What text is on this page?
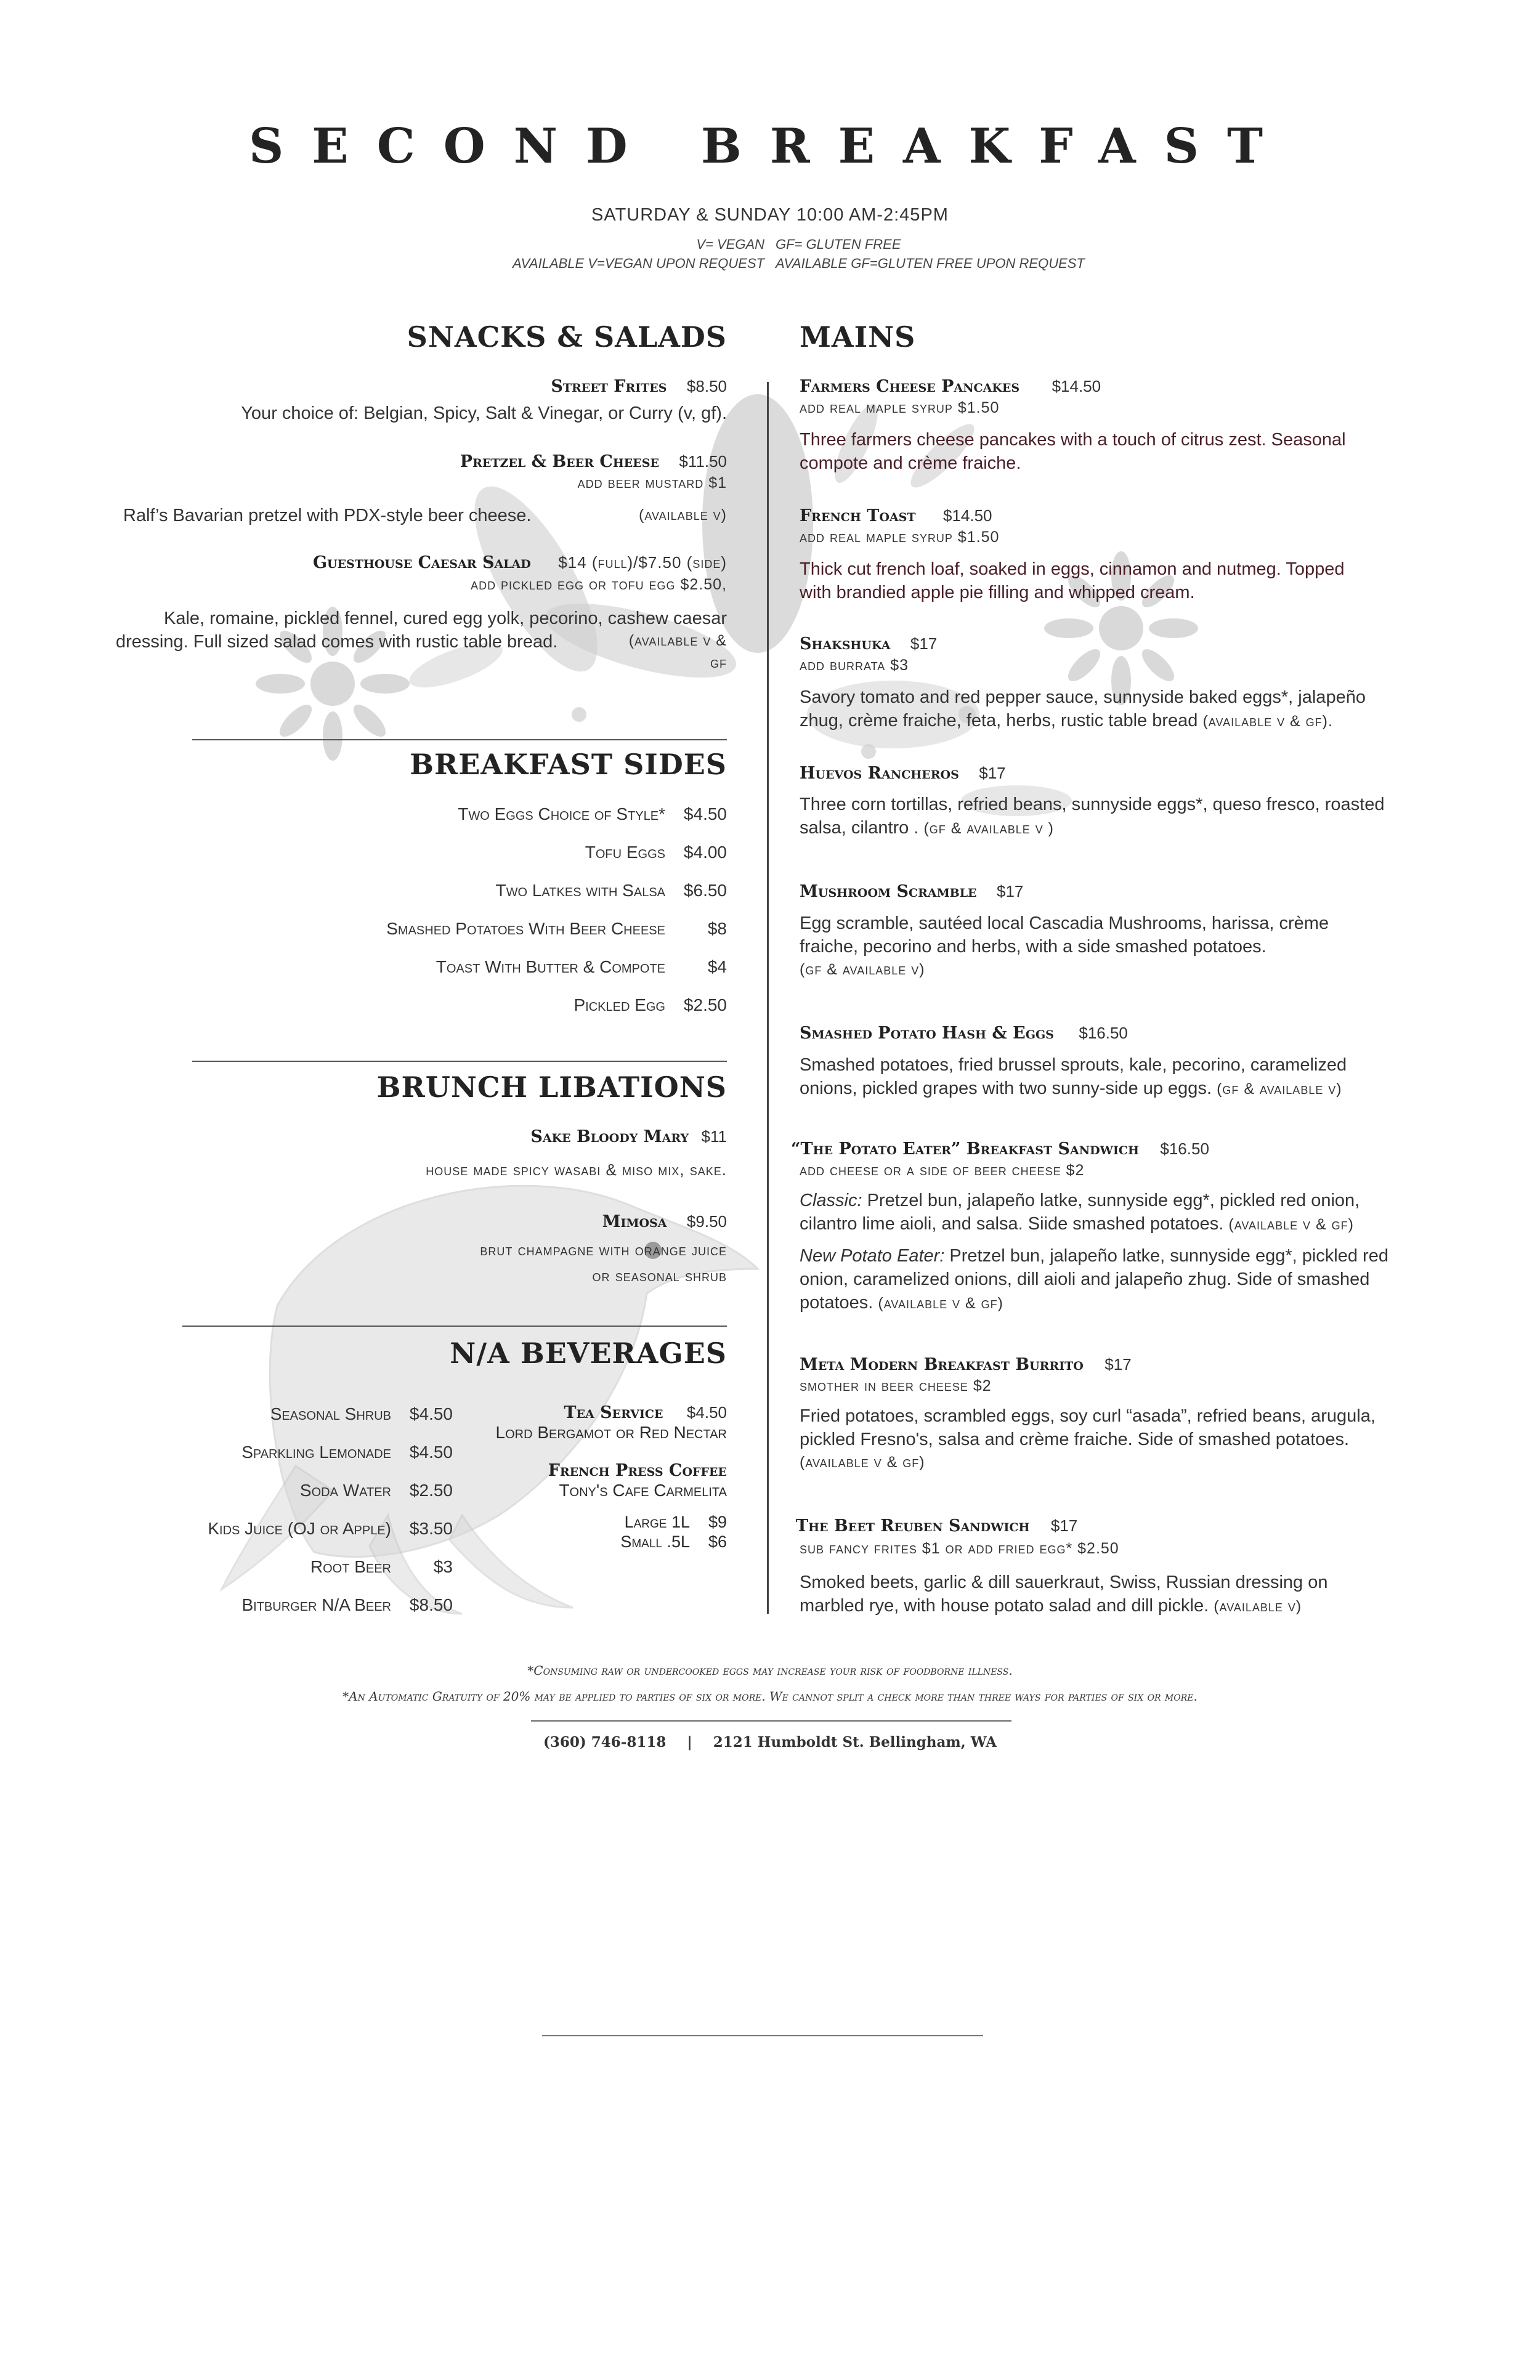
SECOND BREAKFAST
SATURDAY & SUNDAY 10:00 AM-2:45PM
V= VEGAN GF= GLUTEN FREE
AVAILABLE V=VEGAN UPON REQUEST AVAILABLE GF=GLUTEN FREE UPON REQUEST
SNACKS & SALADS
Street Frites $8.50
Your choice of: Belgian, Spicy, Salt & Vinegar, or Curry (v, gf).
Pretzel & Beer Cheese $11.50
add beer mustard $1
Ralf’s Bavarian pretzel with PDX-style beer cheese.	(available v)
Guesthouse Caesar Salad $14 (full)/$7.50 (side)
add pickled egg or tofu egg $2.50,
Kale, romaine, pickled fennel, cured egg yolk, pecorino, cashew caesar
dressing. Full sized salad comes with rustic table bread.	(available v &
gf
BREAKFAST SIDES
Two Eggs Choice of Style* $4.50
Tofu Eggs $4.00
Two Latkes with Salsa $6.50
Smashed Potatoes With Beer Cheese $8
Toast With Butter & Compote $4
Pickled Egg $2.50
BRUNCH LIBATIONS
Sake Bloody Mary $11
house made spicy wasabi & miso mix, sake.
Mimosa $9.50
brut champagne with orange juice
or seasonal shrub
N/A BEVERAGES
Seasonal Shrub $4.50
Sparkling Lemonade $4.50
Soda Water $2.50
Kids Juice (OJ or Apple) $3.50
Root Beer $3
Bitburger N/A Beer $8.50
Tea Service $4.50
Lord Bergamot or Red Nectar
French Press Coffee
Tony's Cafe Carmelita
Large 1L $9
Small .5L $6
MAINS
Farmers Cheese Pancakes $14.50
add real maple syrup $1.50
Three farmers cheese pancakes with a touch of citrus zest. Seasonal
compote and crème fraiche.
French Toast $14.50
add real maple syrup $1.50
Thick cut french loaf, soaked in eggs, cinnamon and nutmeg. Topped
with brandied apple pie filling and whipped cream.
Shakshuka $17
add burrata $3
Savory tomato and red pepper sauce, sunnyside baked eggs*, jalapeño
zhug, crème fraiche, feta, herbs, rustic table bread (available v & gf).
Huevos Rancheros $17
Three corn tortillas, refried beans, sunnyside eggs*, queso fresco, roasted
salsa, cilantro . (gf & available v )
Mushroom Scramble $17
Egg scramble, sautéed local Cascadia Mushrooms, harissa, crème
fraiche, pecorino and herbs, with a side smashed potatoes.
(gf & available v)
Smashed Potato Hash & Eggs $16.50
Smashed potatoes, fried brussel sprouts, kale, pecorino, caramelized
onions, pickled grapes with two sunny-side up eggs. (gf & available v)
“The Potato Eater” Breakfast Sandwich $16.50
add cheese or a side of beer cheese $2
Classic: Pretzel bun, jalapeño latke, sunnyside egg*, pickled red onion,
cilantro lime aioli, and salsa. Siide smashed potatoes. (available v & gf)
New Potato Eater: Pretzel bun, jalapeño latke, sunnyside egg*, pickled red
onion, caramelized onions, dill aioli and jalapeño zhug. Side of smashed
potatoes. (available v & gf)
Meta Modern Breakfast Burrito $17
smother in beer cheese $2
Fried potatoes, scrambled eggs, soy curl “asada”, refried beans, arugula,
pickled Fresno's, salsa and crème fraiche. Side of smashed potatoes.
(available v & gf)
The Beet Reuben Sandwich $17
sub fancy frites $1 or add fried egg* $2.50
Smoked beets, garlic & dill sauerkraut, Swiss, Russian dressing on
marbled rye, with house potato salad and dill pickle. (available v)
*Consuming raw or undercooked eggs may increase your risk of foodborne illness.
*An Automatic Gratuity of 20% may be applied to parties of six or more. We cannot split a check more than three ways for parties of six or more.
(360) 746-8118 | 2121 Humboldt St. Bellingham, WA
